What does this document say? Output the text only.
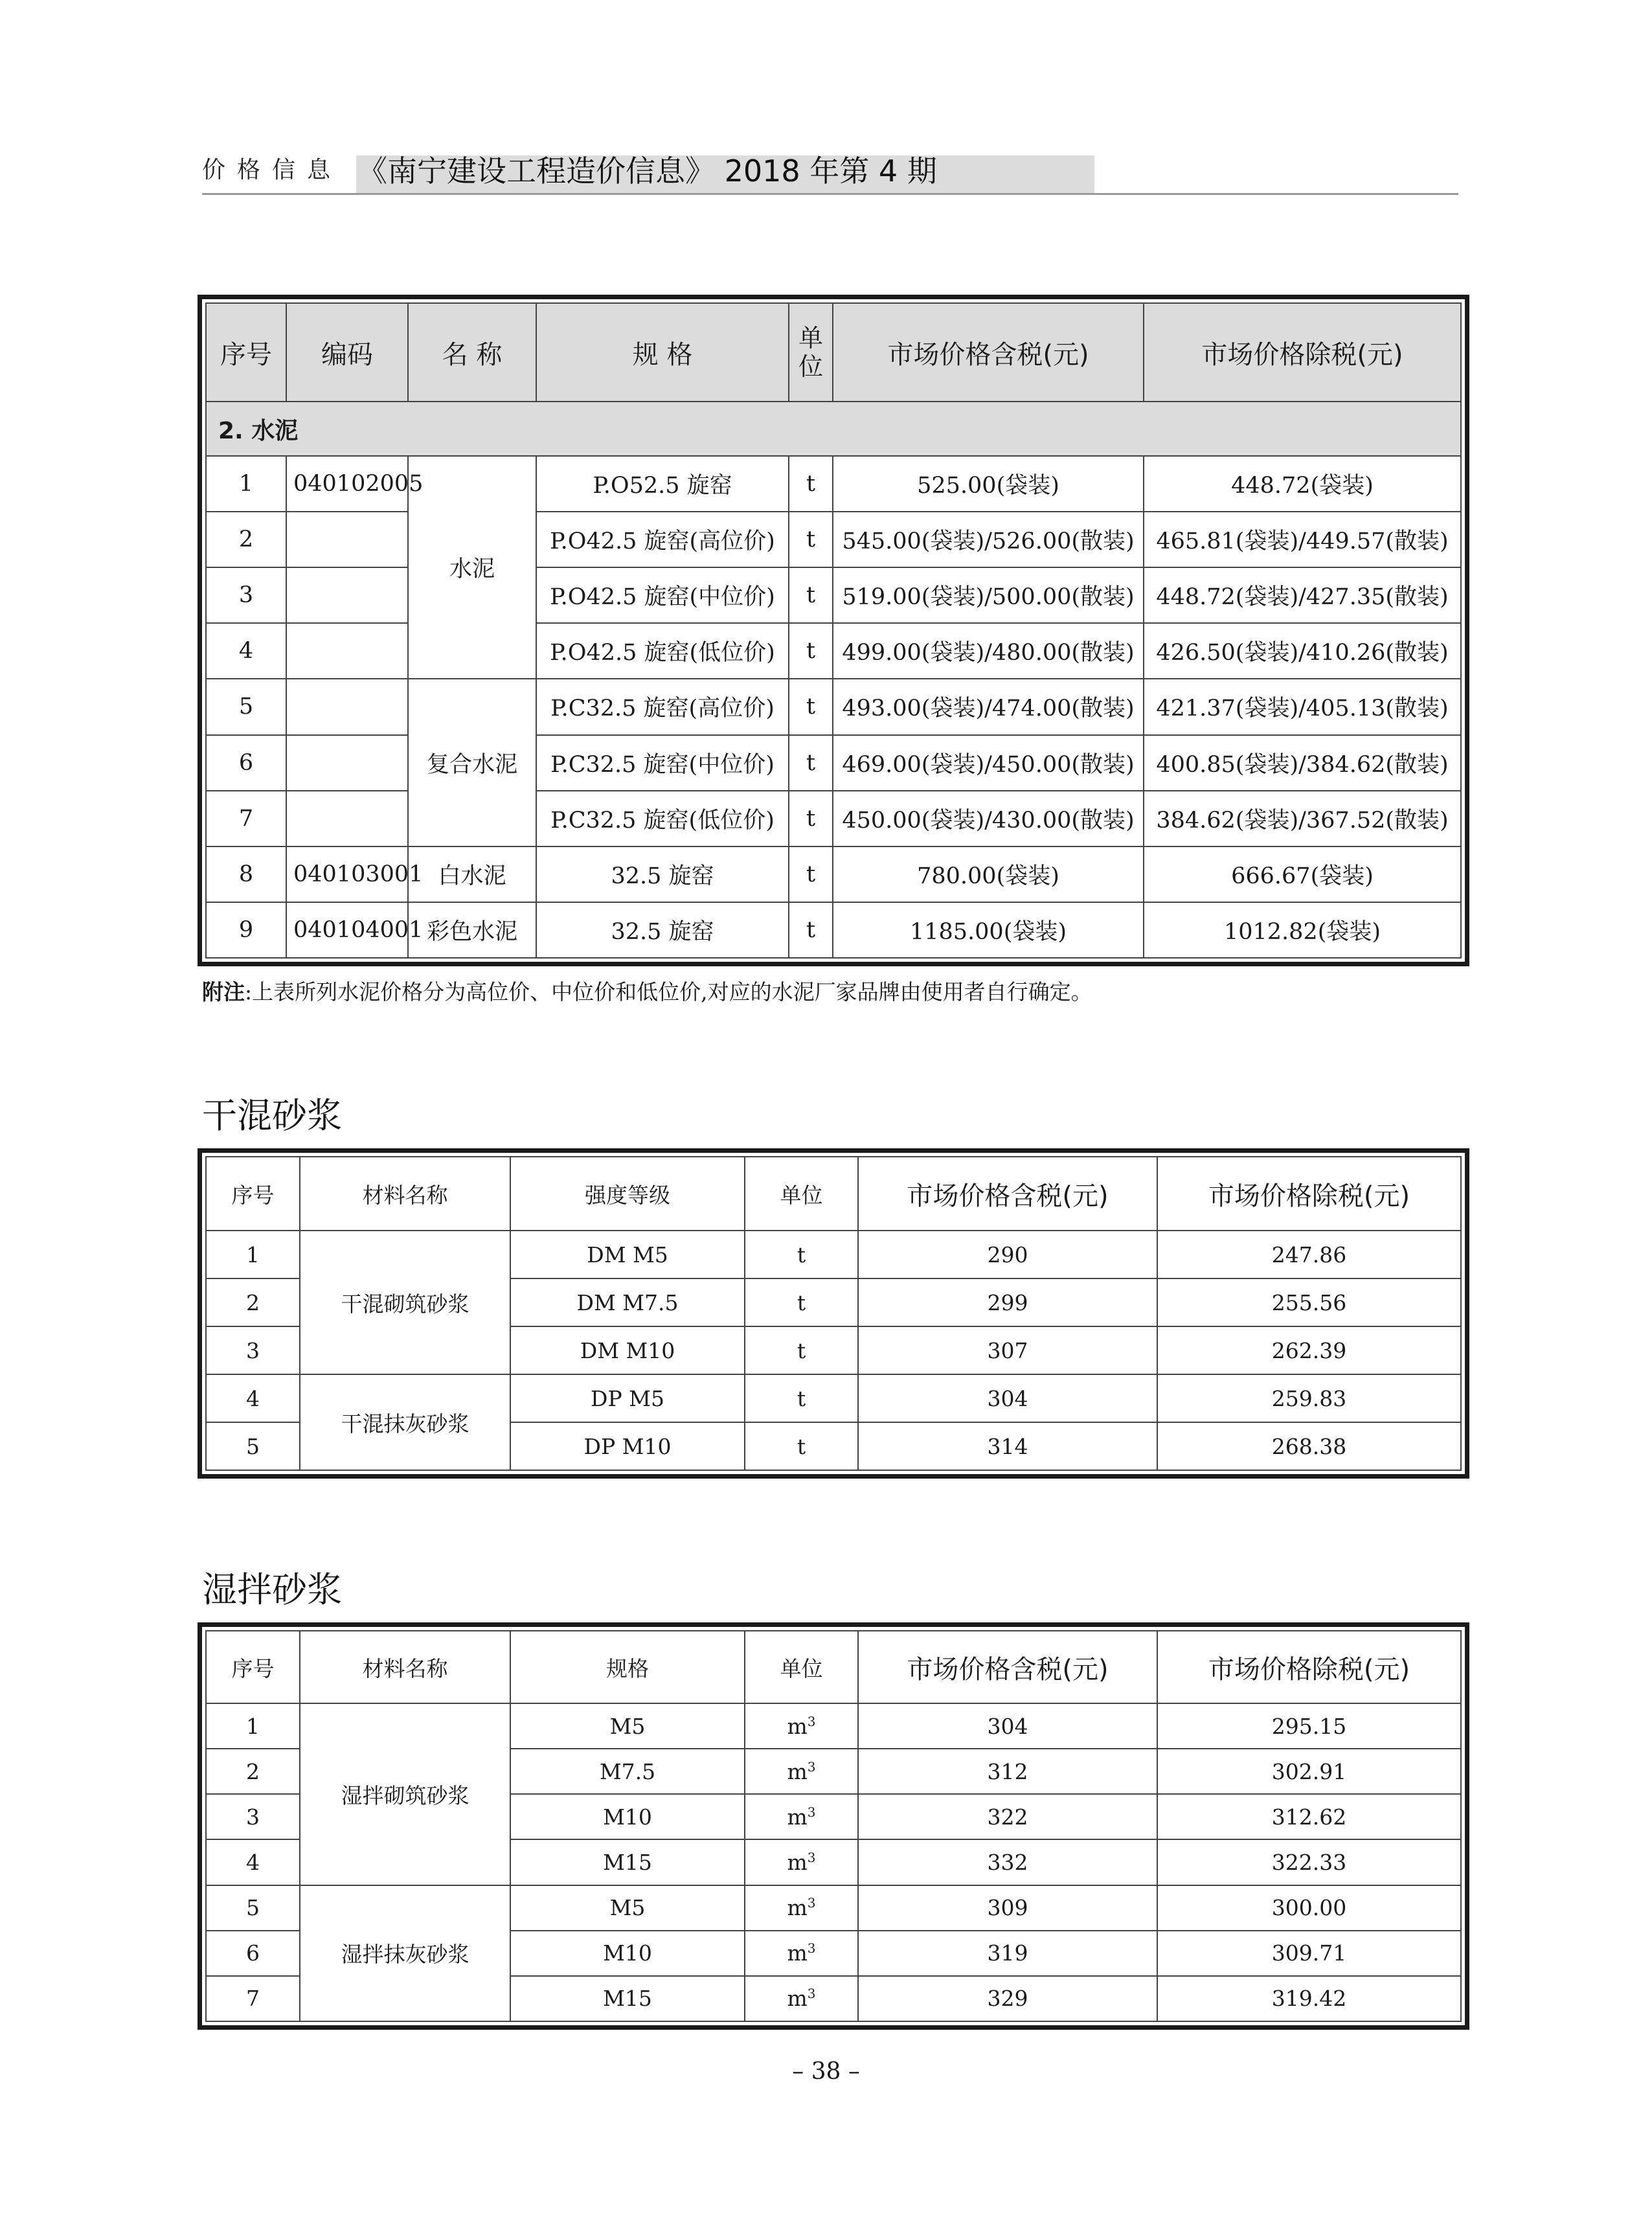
价格信息 《南宁建设工程造价信息》 2018 年第 4 期
序号	编码	名 称	规 格	单位	市场价格含税(元)	市场价格除税(元)
2. 水泥						
1	040102005	水泥	P.O52.5 旋窑	t	525.00(袋装)	448.72(袋装)
2			P.O42.5 旋窑(高位价)	t	545.00(袋装)/526.00(散装)	465.81(袋装)/449.57(散装)
3			P.O42.5 旋窑(中位价)	t	519.00(袋装)/500.00(散装)	448.72(袋装)/427.35(散装)
4			P.O42.5 旋窑(低位价)	t	499.00(袋装)/480.00(散装)	426.50(袋装)/410.26(散装)
5		复合水泥	P.C32.5 旋窑(高位价)	t	493.00(袋装)/474.00(散装)	421.37(袋装)/405.13(散装)
6			P.C32.5 旋窑(中位价)	t	469.00(袋装)/450.00(散装)	400.85(袋装)/384.62(散装)
7			P.C32.5 旋窑(低位价)	t	450.00(袋装)/430.00(散装)	384.62(袋装)/367.52(散装)
8	040103001	白水泥	32.5 旋窑	t	780.00(袋装)	666.67(袋装)
9	040104001	彩色水泥	32.5 旋窑	t	1185.00(袋装)	1012.82(袋装)
附注:上表所列水泥价格分为高位价、中位价和低位价,对应的水泥厂家品牌由使用者自行确定。
干混砂浆
序号	材料名称	强度等级	单位	市场价格含税(元)	市场价格除税(元)
1	干混砌筑砂浆	DM M5	t	290	247.86
2		DM M7.5	t	299	255.56
3		DM M10	t	307	262.39
4	干混抹灰砂浆	DP M5	t	304	259.83
5		DP M10	t	314	268.38
湿拌砂浆
序号	材料名称	规格	单位	市场价格含税(元)	市场价格除税(元)
1	湿拌砌筑砂浆	M5	$m^3$	304	295.15
2		M7.5	$m^3$	312	302.91
3		M10	$m^3$	322	312.62
4		M15	$m^3$	332	322.33
5	湿拌抹灰砂浆	M5	$m^3$	309	300.00
6		M10	$m^3$	319	309.71
7		M15	$m^3$	329	319.42
– 38 –
